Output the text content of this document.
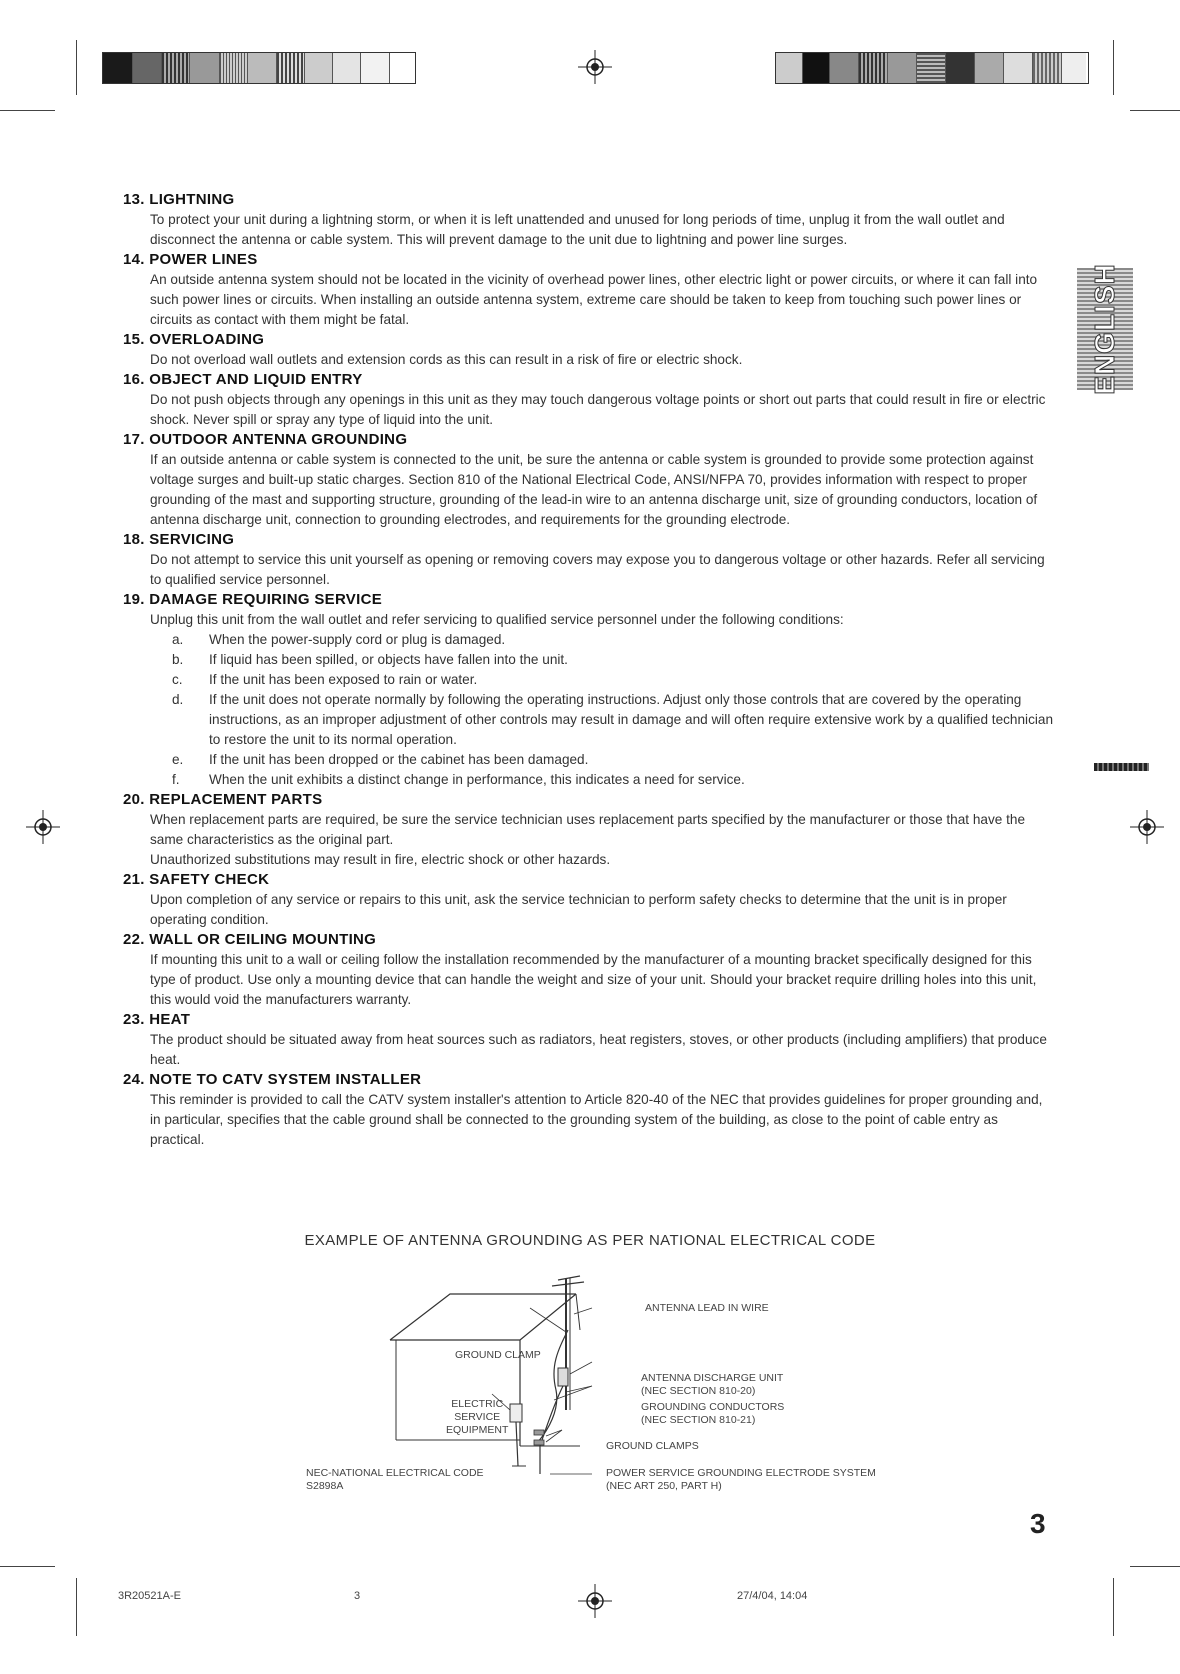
ENGLISH
13. LIGHTNING

To protect your unit during a lightning storm, or when it is left unattended and unused for long periods of time, unplug it from the wall outlet and disconnect the antenna or cable system. This will prevent damage to the unit due to lightning and power line surges.

14. POWER LINES

An outside antenna system should not be located in the vicinity of overhead power lines, other electric light or power circuits, or where it can fall into such power lines or circuits. When installing an outside antenna system, extreme care should be taken to keep from touching such power lines or circuits as contact with them might be fatal.

15. OVERLOADING

Do not overload wall outlets and extension cords as this can result in a risk of fire or electric shock.

16. OBJECT AND LIQUID ENTRY

Do not push objects through any openings in this unit as they may touch dangerous voltage points or short out parts that could result in fire or electric shock. Never spill or spray any type of liquid into the unit.

17. OUTDOOR ANTENNA GROUNDING

If an outside antenna or cable system is connected to the unit, be sure the antenna or cable system is grounded to provide some protection against voltage surges and built-up static charges. Section 810 of the National Electrical Code, ANSI/NFPA 70, provides information with respect to proper grounding of the mast and supporting structure, grounding of the lead-in wire to an antenna discharge unit, size of grounding conductors, location of antenna discharge unit, connection to grounding electrodes, and requirements for the grounding electrode.

18. SERVICING

Do not attempt to service this unit yourself as opening or removing covers may expose you to dangerous voltage or other hazards. Refer all servicing to qualified service personnel.

19. DAMAGE REQUIRING SERVICE

Unplug this unit from the wall outlet and refer servicing to qualified service personnel under the following conditions:

a. When the power-supply cord or plug is damaged.
b. If liquid has been spilled, or objects have fallen into the unit.
c. If the unit has been exposed to rain or water.
d. If the unit does not operate normally by following the operating instructions. Adjust only those controls that are covered by the operating instructions, as an improper adjustment of other controls may result in damage and will often require extensive work by a qualified technician to restore the unit to its normal operation.
e. If the unit has been dropped or the cabinet has been damaged.
f. When the unit exhibits a distinct change in performance, this indicates a need for service.
20. REPLACEMENT PARTS

When replacement parts are required, be sure the service technician uses replacement parts specified by the manufacturer or those that have the same characteristics as the original part.

Unauthorized substitutions may result in fire, electric shock or other hazards.

21. SAFETY CHECK

Upon completion of any service or repairs to this unit, ask the service technician to perform safety checks to determine that the unit is in proper operating condition.

22. WALL OR CEILING MOUNTING

If mounting this unit to a wall or ceiling follow the installation recommended by the manufacturer of a mounting bracket specifically designed for this type of product. Use only a mounting device that can handle the weight and size of your unit. Should your bracket require drilling holes into this unit, this would void the manufacturers warranty.

23. HEAT

The product should be situated away from heat sources such as radiators, heat registers, stoves, or other products (including amplifiers) that produce heat.

24. NOTE TO CATV SYSTEM INSTALLER

This reminder is provided to call the CATV system installer's attention to Article 820-40 of the NEC that provides guidelines for proper grounding and, in particular, specifies that the cable ground shall be connected to the grounding system of the building, as close to the point of cable entry as practical.

EXAMPLE OF ANTENNA GROUNDING AS PER NATIONAL ELECTRICAL CODE
ANTENNA LEAD IN WIRE
GROUND CLAMP
ELECTRIC
SERVICE
EQUIPMENT
ANTENNA DISCHARGE UNIT
(NEC SECTION 810-20)
GROUNDING CONDUCTORS
(NEC SECTION 810-21)
GROUND CLAMPS
POWER SERVICE GROUNDING ELECTRODE SYSTEM
(NEC ART 250, PART H)
NEC-NATIONAL ELECTRICAL CODE
S2898A
3
3R20521A-E	3	27/4/04, 14:04
